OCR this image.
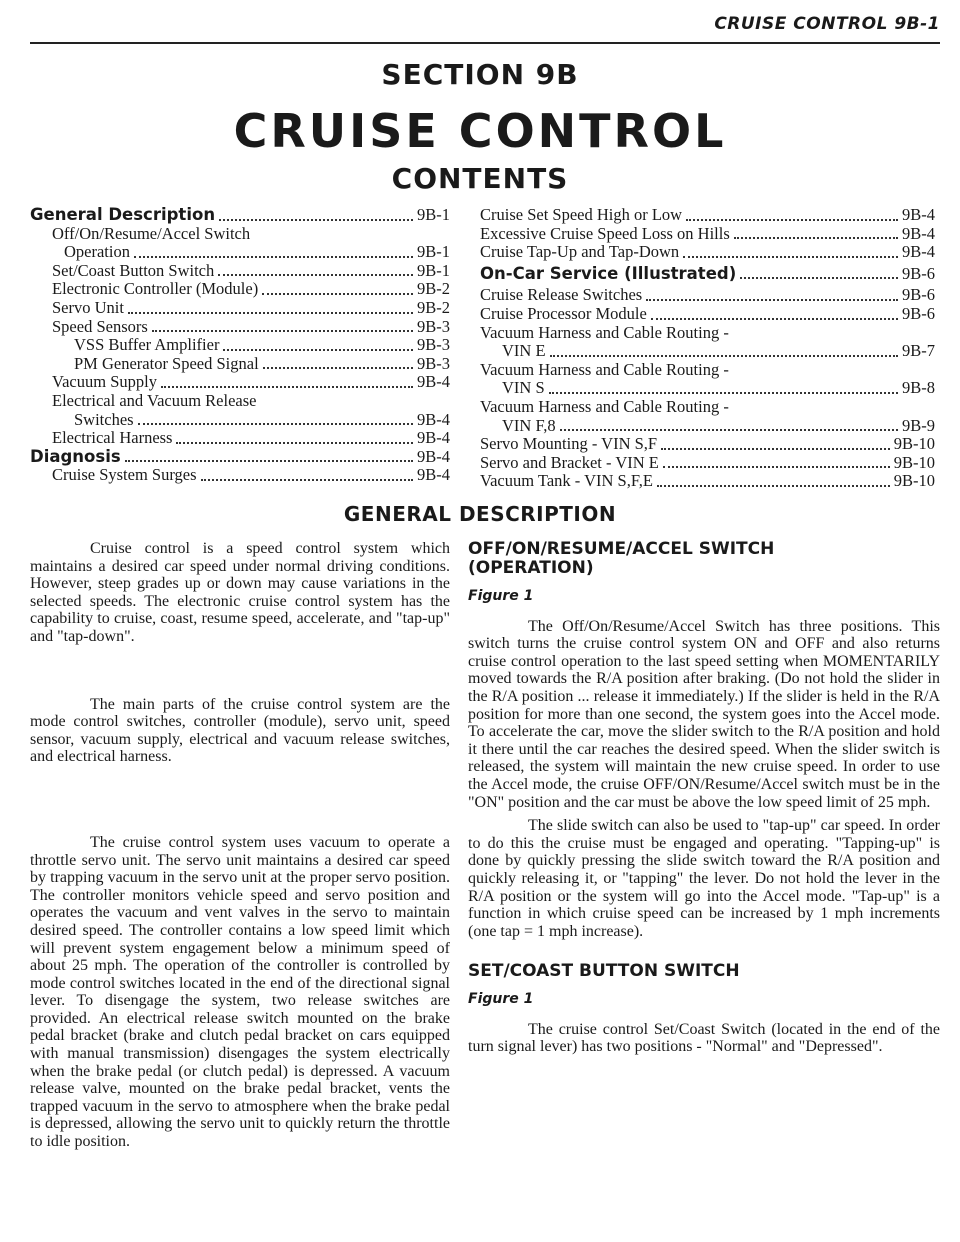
CRUISE CONTROL 9B-1
SECTION 9B
CRUISE CONTROL
CONTENTS
General Description	9B-1
Off/On/Resume/Accel Switch
Operation	9B-1
Set/Coast Button Switch	9B-1
Electronic Controller (Module)	9B-2
Servo Unit	9B-2
Speed Sensors	9B-3
VSS Buffer Amplifier	9B-3
PM Generator Speed Signal	9B-3
Vacuum Supply	9B-4
Electrical and Vacuum Release
Switches	9B-4
Electrical Harness	9B-4
Diagnosis	9B-4
Cruise System Surges	9B-4
Cruise Set Speed High or Low	9B-4
Excessive Cruise Speed Loss on Hills	9B-4
Cruise Tap-Up and Tap-Down	9B-4
On-Car Service (Illustrated)	9B-6
Cruise Release Switches	9B-6
Cruise Processor Module	9B-6
Vacuum Harness and Cable Routing -
VIN E	9B-7
Vacuum Harness and Cable Routing -
VIN S	9B-8
Vacuum Harness and Cable Routing -
VIN F,8	9B-9
Servo Mounting - VIN S,F	9B-10
Servo and Bracket - VIN E	9B-10
Vacuum Tank - VIN S,F,E	9B-10
GENERAL DESCRIPTION

Cruise control is a speed control system which maintains a desired car speed under normal driving conditions. However, steep grades up or down may cause variations in the selected speeds. The electronic cruise control system has the capability to cruise, coast, resume speed, accelerate, and "tap-up" and "tap-down".

The main parts of the cruise control system are the mode control switches, controller (module), servo unit, speed sensor, vacuum supply, electrical and vacuum release switches, and electrical harness.

The cruise control system uses vacuum to operate a throttle servo unit. The servo unit maintains a desired car speed by trapping vacuum in the servo unit at the proper servo position. The controller monitors vehicle speed and servo position and operates the vacuum and vent valves in the servo to maintain desired speed. The controller contains a low speed limit which will prevent system engagement below a minimum speed of about 25 mph. The operation of the controller is controlled by mode control switches located in the end of the directional signal lever. To disengage the system, two release switches are provided. An electrical release switch mounted on the brake pedal bracket (brake and clutch pedal bracket on cars equipped with manual transmission) disengages the system electrically when the brake pedal (or clutch pedal) is depressed. A vacuum release valve, mounted on the brake pedal bracket, vents the trapped vacuum in the servo to atmosphere when the brake pedal is depressed, allowing the servo unit to quickly return the throttle to idle position.

OFF/ON/RESUME/ACCEL SWITCH
(OPERATION)
Figure 1

The Off/On/Resume/Accel Switch has three positions. This switch turns the cruise control system ON and OFF and also returns cruise control operation to the last speed setting when MOMENTARILY moved towards the R/A position after braking. (Do not hold the slider in the R/A position ... release it immediately.) If the slider is held in the R/A position for more than one second, the system goes into the Accel mode. To accelerate the car, move the slider switch to the R/A position and hold it there until the car reaches the desired speed. When the slider switch is released, the system will maintain the new cruise speed. In order to use the Accel mode, the cruise OFF/ON/Resume/Accel switch must be in the "ON" position and the car must be above the low speed limit of 25 mph.

The slide switch can also be used to "tap-up" car speed. In order to do this the cruise must be engaged and operating. "Tapping-up" is done by quickly pressing the slide switch toward the R/A position and quickly releasing it, or "tapping" the lever. Do not hold the lever in the R/A position or the system will go into the Accel mode. "Tap-up" is a function in which cruise speed can be increased by 1 mph increments (one tap = 1 mph increase).

SET/COAST BUTTON SWITCH
Figure 1

The cruise control Set/Coast Switch (located in the end of the turn signal lever) has two positions - "Normal" and "Depressed".
